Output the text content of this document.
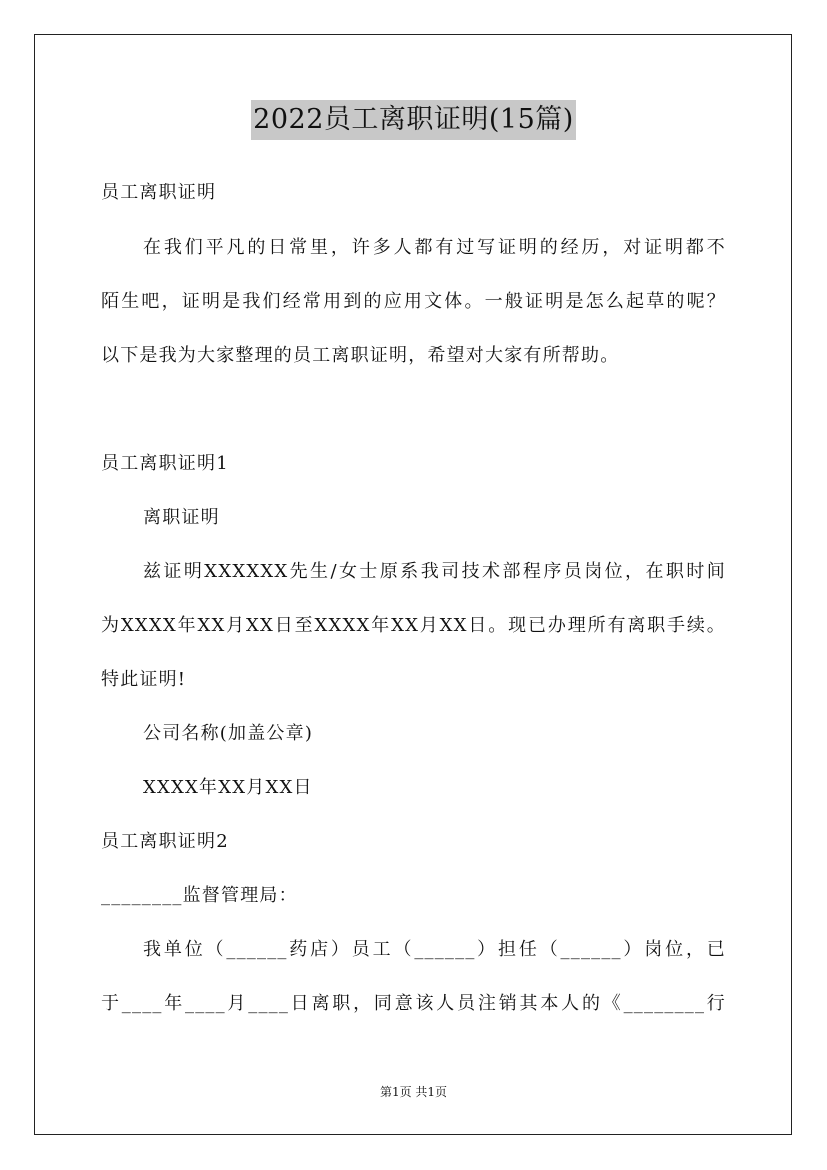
2022员工离职证明(15篇)
员工离职证明
在我们平凡的日常里，许多人都有过写证明的经历，对证明都不
陌生吧，证明是我们经常用到的应用文体。一般证明是怎么起草的呢？
以下是我为大家整理的员工离职证明，希望对大家有所帮助。
员工离职证明1
离职证明
兹证明XXXXXX先生/女士原系我司技术部程序员岗位，在职时间
为XXXX年XX月XX日至XXXX年XX月XX日。现已办理所有离职手续。
特此证明!
公司名称(加盖公章)
XXXX年XX月XX日
员工离职证明2
________监督管理局：
我单位（______药店）员工（______）担任（______）岗位，已
于____年____月____日离职，同意该人员注销其本人的《________行
第1页 共1页
